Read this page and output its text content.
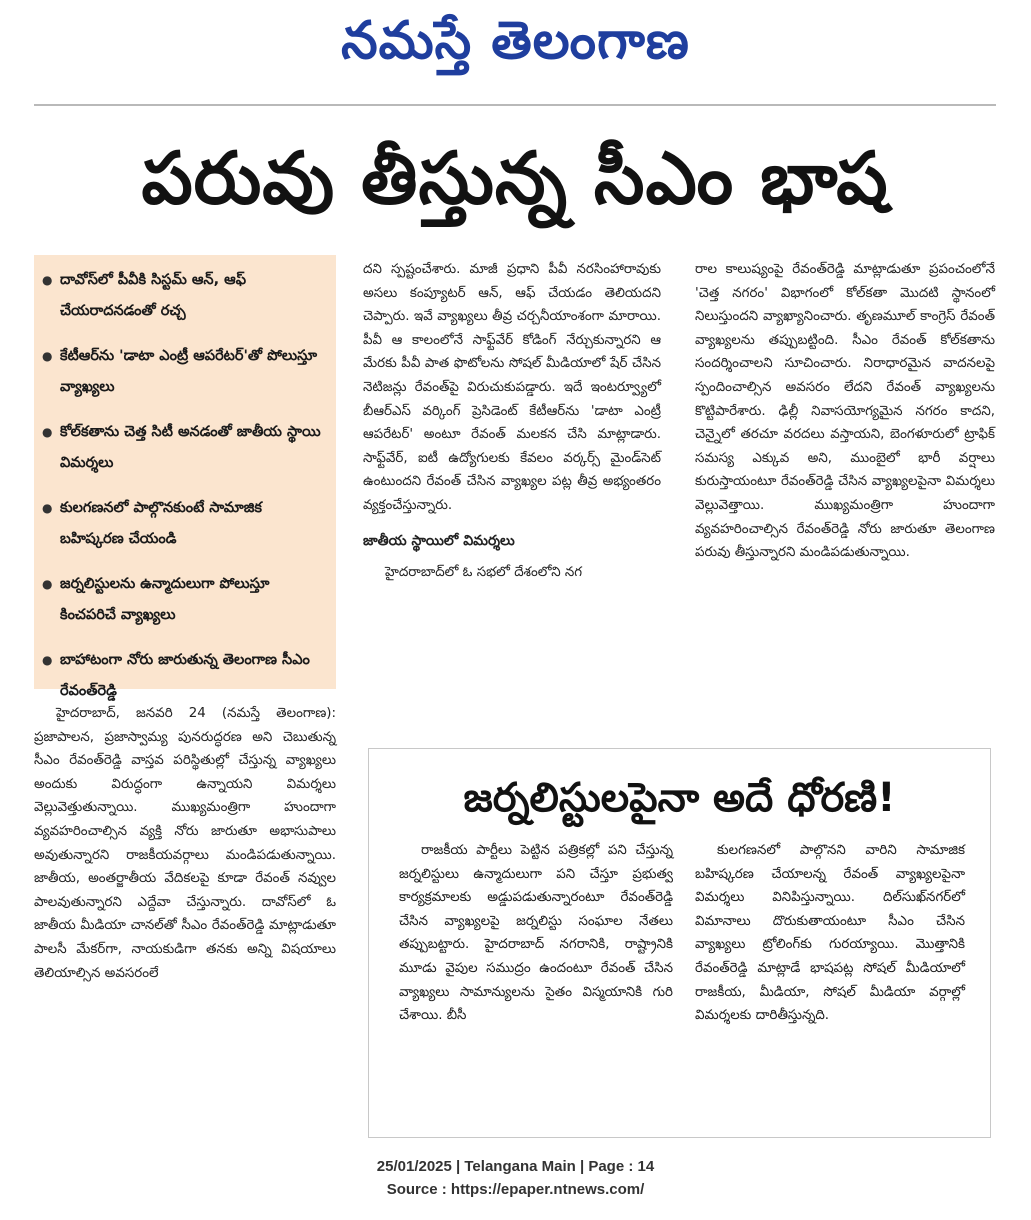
నమస్తే తెలంగాణ
పరువు తీస్తున్న సీఎం భాష
● దావోస్‌లో పీవీకి సిస్టమ్ ఆన్, ఆఫ్ చేయరాదనడంతో రచ్చ
● కేటీఆర్‌ను 'డాటా ఎంట్రీ ఆపరేటర్'తో పోలుస్తూ వ్యాఖ్యలు
● కోల్‌కతాను చెత్త సిటీ అనడంతో జాతీయ స్థాయి విమర్శలు
● కులగణనలో పాల్గొనకుంటే సామాజిక బహిష్కరణ చేయండి
● జర్నలిస్టులను ఉన్మాదులుగా పోలుస్తూ కించపరిచే వ్యాఖ్యలు
● బాహాటంగా నోరు జారుతున్న తెలంగాణ సీఎం రేవంత్‌రెడ్డి
హైదరాబాద్, జనవరి 24 (నమస్తే తెలంగాణ): ప్రజాపాలన, ప్రజాస్వామ్య పునరుద్ధరణ అని చెబుతున్న సీఎం రేవంత్‌రెడ్డి వాస్తవ పరిస్థితుల్లో చేస్తున్న వ్యాఖ్యలు అందుకు విరుద్ధంగా ఉన్నాయని విమర్శలు వెల్లువెత్తుతున్నాయి. ముఖ్యమంత్రిగా హుందాగా వ్యవహరించాల్సిన వ్యక్తి నోరు జారుతూ అభాసుపాలు అవుతున్నారని రాజకీయవర్గాలు మండిపడుతున్నాయి. జాతీయ, అంతర్జాతీయ వేదికలపై కూడా రేవంత్ నవ్వుల పాలవుతున్నారని ఎద్దేవా చేస్తున్నారు. దావోస్‌లో ఓ జాతీయ మీడియా చానల్‌తో సీఎం రేవంత్‌రెడ్డి మాట్లాడుతూ పాలసీ మేకర్‌గా, నాయకుడిగా తనకు అన్ని విషయాలు తెలియాల్సిన అవసరంలే
దని స్పష్టంచేశారు. మాజీ ప్రధాని పీవీ నరసింహారావుకు అసలు కంప్యూటర్ ఆన్, ఆఫ్ చేయడం తెలియదని చెప్పారు. ఇవే వ్యాఖ్యలు తీవ్ర చర్చనీయాంశంగా మారాయి. పీవీ ఆ కాలంలోనే సాఫ్ట్‌వేర్ కోడింగ్ నేర్చుకున్నారని ఆ మేరకు పీవీ పాత ఫొటోలను సోషల్ మీడియాలో షేర్ చేసిన నెటిజన్లు రేవంత్‌పై విరుచుకుపడ్డారు. ఇదే ఇంటర్వ్యూలో బీఆర్‌ఎస్ వర్కింగ్ ప్రెసిడెంట్ కేటీఆర్‌ను 'డాటా ఎంట్రీ ఆపరేటర్' అంటూ రేవంత్ మలకన చేసి మాట్లాడారు. సాఫ్ట్‌వేర్, ఐటీ ఉద్యోగులకు కేవలం వర్కర్స్ మైండ్‌సెట్ ఉంటుందని రేవంత్ చేసిన వ్యాఖ్యల పట్ల తీవ్ర అభ్యంతరం వ్యక్తంచేస్తున్నారు.
జాతీయ స్థాయిలో విమర్శలు
హైదరాబాద్‌లో ఓ సభలో దేశంలోని నగ
రాల కాలుష్యంపై రేవంత్‌రెడ్డి మాట్లాడుతూ ప్రపంచంలోనే 'చెత్త నగరం' విభాగంలో కోల్‌కతా మొదటి స్థానంలో నిలుస్తుందని వ్యాఖ్యానించారు. తృణమూల్ కాంగ్రెస్ రేవంత్ వ్యాఖ్యలను తప్పుబట్టింది. సీఎం రేవంత్ కోల్‌కతాను సందర్శించాలని సూచించారు. నిరాధారమైన వాదనలపై స్పందించాల్సిన అవసరం లేదని రేవంత్ వ్యాఖ్యలను కొట్టిపారేశారు. ఢిల్లీ నివాసయోగ్యమైన నగరం కాదని, చెన్నైలో తరచూ వరదలు వస్తాయని, బెంగళూరులో ట్రాఫిక్ సమస్య ఎక్కువ అని, ముంబైలో భారీ వర్షాలు కురుస్తాయంటూ రేవంత్‌రెడ్డి చేసిన వ్యాఖ్యలపైనా విమర్శలు వెల్లువెత్తాయి. ముఖ్యమంత్రిగా హుందాగా వ్యవహరించాల్సిన రేవంత్‌రెడ్డి నోరు జారుతూ తెలంగాణ పరువు తీస్తున్నారని మండిపడుతున్నాయి.
జర్నలిస్టులపైనా అదే ధోరణి!
రాజకీయ పార్టీలు పెట్టిన పత్రికల్లో పని చేస్తున్న జర్నలిస్టులు ఉన్మాదులుగా పని చేస్తూ ప్రభుత్వ కార్యక్రమాలకు అడ్డుపడుతున్నారంటూ రేవంత్‌రెడ్డి చేసిన వ్యాఖ్యలపై జర్నలిస్టు సంఘాల నేతలు తప్పుబట్టారు. హైదరాబాద్ నగరానికి, రాష్ట్రానికి మూడు వైపుల సముద్రం ఉందంటూ రేవంత్ చేసిన వ్యాఖ్యలు సామాన్యులను సైతం విస్మయానికి గురి చేశాయి. బీసీ
కులగణనలో పాల్గొనని వారిని సామాజిక బహిష్కరణ చేయాలన్న రేవంత్ వ్యాఖ్యలపైనా విమర్శలు వినిపిస్తున్నాయి. దిల్‌సుఖ్‌నగర్‌లో విమానాలు దొరుకుతాయంటూ సీఎం చేసిన వ్యాఖ్యలు ట్రోలింగ్‌కు గురయ్యాయి. మొత్తానికి రేవంత్‌రెడ్డి మాట్లాడే భాషపట్ల సోషల్ మీడియాలో రాజకీయ, మీడియా, సోషల్ మీడియా వర్గాల్లో విమర్శలకు దారితీస్తున్నది.
25/01/2025 | Telangana Main | Page : 14
Source : https://epaper.ntnews.com/
